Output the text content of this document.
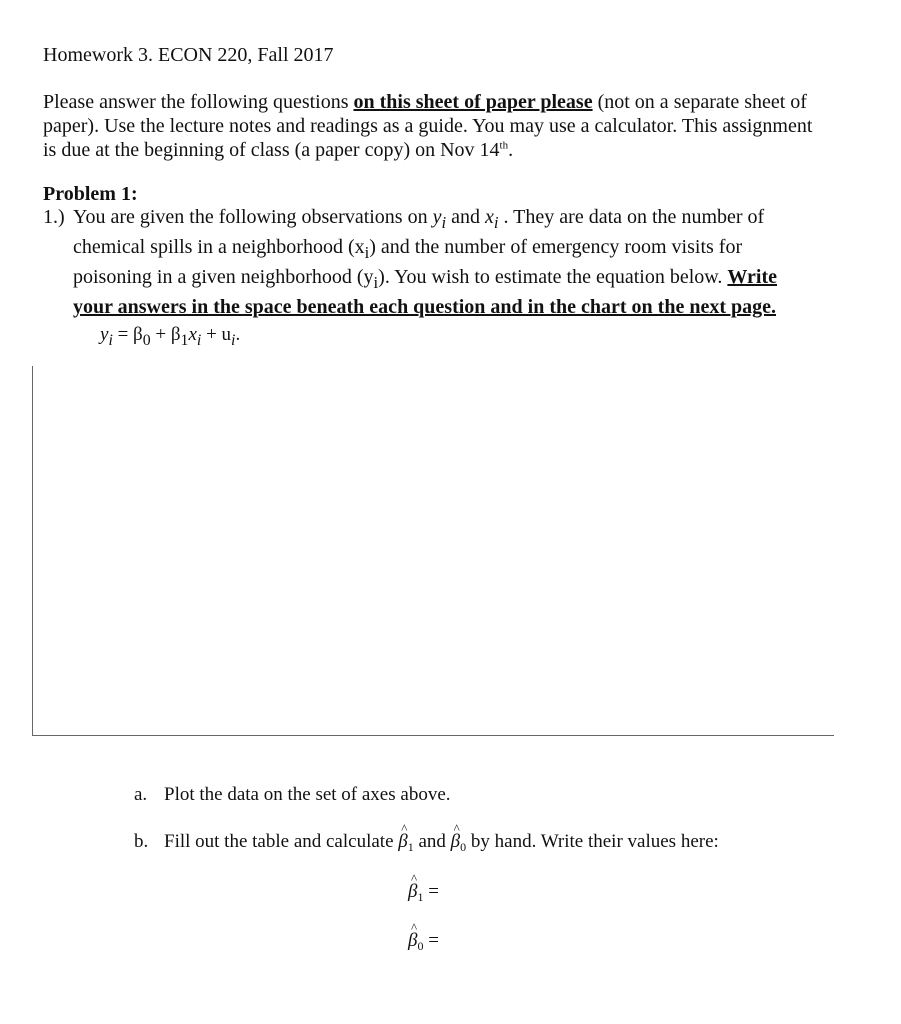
Homework 3. ECON 220, Fall 2017
Please answer the following questions on this sheet of paper please (not on a separate sheet of
paper). Use the lecture notes and readings as a guide. You may use a calculator. This assignment
is due at the beginning of class (a paper copy) on Nov 14th.
Problem 1:
1.) You are given the following observations on $y_i$ and $x_i$ . They are data on the number of
chemical spills in a neighborhood $(x_i)$ and the number of emergency room visits for
poisoning in a given neighborhood $(y_i)$. You wish to estimate the equation below. Write
your answers in the space beneath each question and in the chart on the next page.
$y_i = \beta_0 + \beta_1x_i + u_i$.
a. Plot the data on the set of axes above.
b. Fill out the table and calculate ^ $\beta_1$ and ^ $\beta_0$ by hand. Write their values here:
^ $\beta_1$ =
^ $\beta_0$ =
